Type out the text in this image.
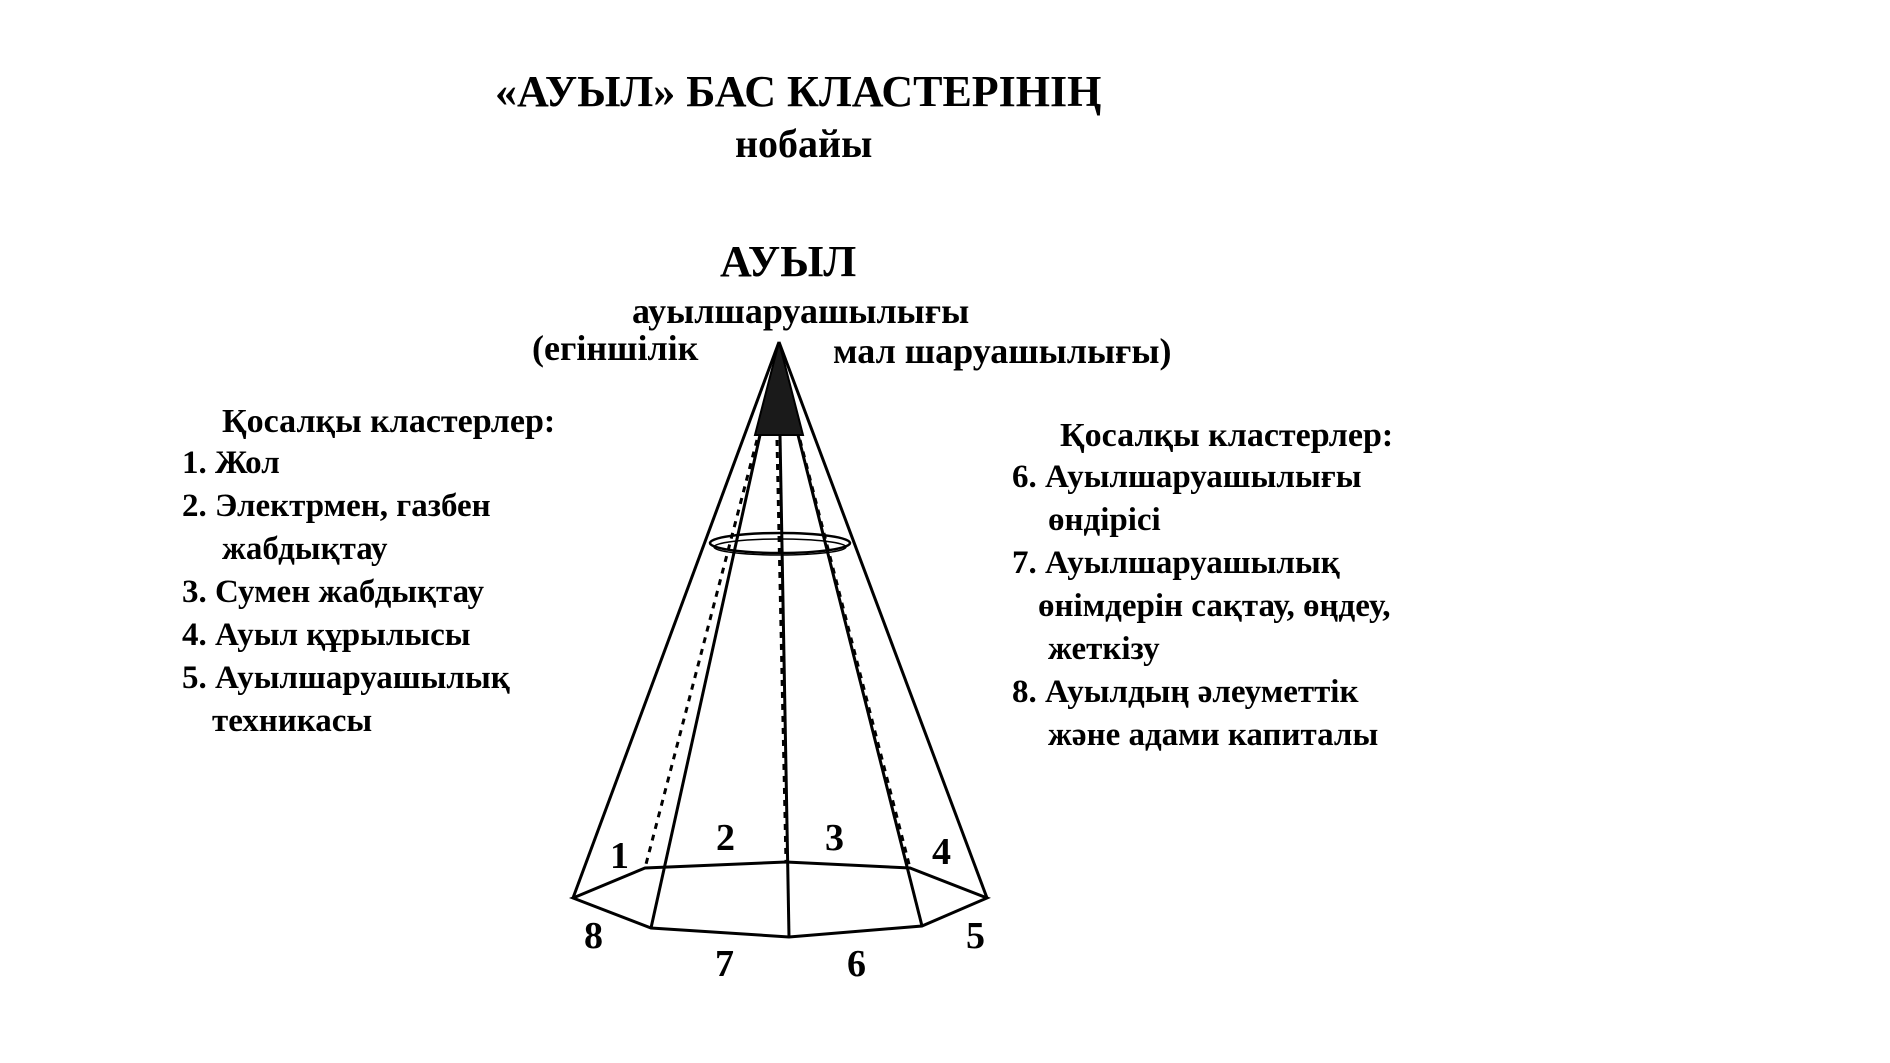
«АУЫЛ» БАС КЛАСТЕРІНІҢ
нобайы
АУЫЛ
ауылшаруашылығы
(егіншілік	мал шаруашылығы)
Қосалқы кластерлер:
1. Жол
2. Электрмен, газбен
жабдықтау
3. Сумен жабдықтау
4. Ауыл құрылысы
5. Ауылшаруашылық
техникасы
Қосалқы кластерлер:
6. Ауылшаруашылығы
өндірісі
7. Ауылшаруашылық
өнімдерін сақтау, өңдеу,
жеткізу
8. Ауылдың әлеуметтік
және адами капиталы
1 2 3 4
5
6
7
8
